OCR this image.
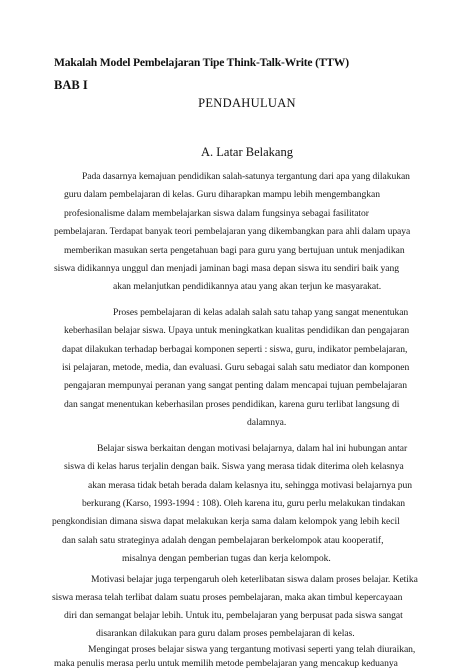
Makalah Model Pembelajaran Tipe Think-Talk-Write (TTW)
BAB I
PENDAHULUAN
A. Latar Belakang
Pada dasarnya kemajuan pendidikan salah-satunya tergantung dari apa yang dilakukan
guru dalam pembelajaran di kelas. Guru diharapkan mampu lebih mengembangkan
profesionalisme dalam membelajarkan siswa dalam fungsinya sebagai fasilitator
pembelajaran. Terdapat banyak teori pembelajaran yang dikembangkan para ahli dalam upaya
memberikan masukan serta pengetahuan bagi para guru yang bertujuan untuk menjadikan
siswa didikannya unggul dan menjadi jaminan bagi masa depan siswa itu sendiri baik yang
akan melanjutkan pendidikannya atau yang akan terjun ke masyarakat.
Proses pembelajaran di kelas adalah salah satu tahap yang sangat menentukan
keberhasilan belajar siswa. Upaya untuk meningkatkan kualitas pendidikan dan pengajaran
dapat dilakukan terhadap berbagai komponen seperti : siswa, guru, indikator pembelajaran,
isi pelajaran, metode, media, dan evaluasi. Guru sebagai salah satu mediator dan komponen
pengajaran mempunyai peranan yang sangat penting dalam mencapai tujuan pembelajaran
dan sangat menentukan keberhasilan proses pendidikan, karena guru terlibat langsung di
dalamnya.
Belajar siswa berkaitan dengan motivasi belajarnya, dalam hal ini hubungan antar
siswa di kelas harus terjalin dengan baik. Siswa yang merasa tidak diterima oleh kelasnya
akan merasa tidak betah berada dalam kelasnya itu, sehingga motivasi belajarnya pun
berkurang (Karso, 1993-1994 : 108). Oleh karena itu, guru perlu melakukan tindakan
pengkondisian dimana siswa dapat melakukan kerja sama dalam kelompok yang lebih kecil
dan salah satu strateginya adalah dengan pembelajaran berkelompok atau kooperatif,
misalnya dengan pemberian tugas dan kerja kelompok.
Motivasi belajar juga terpengaruh oleh keterlibatan siswa dalam proses belajar. Ketika
siswa merasa telah terlibat dalam suatu proses pembelajaran, maka akan timbul kepercayaan
diri dan semangat belajar lebih. Untuk itu, pembelajaran yang berpusat pada siswa sangat
disarankan dilakukan para guru dalam proses pembelajaran di kelas.
Mengingat proses belajar siswa yang tergantung motivasi seperti yang telah diuraikan,
maka penulis merasa perlu untuk memilih metode pembelajaran yang mencakup keduanya
